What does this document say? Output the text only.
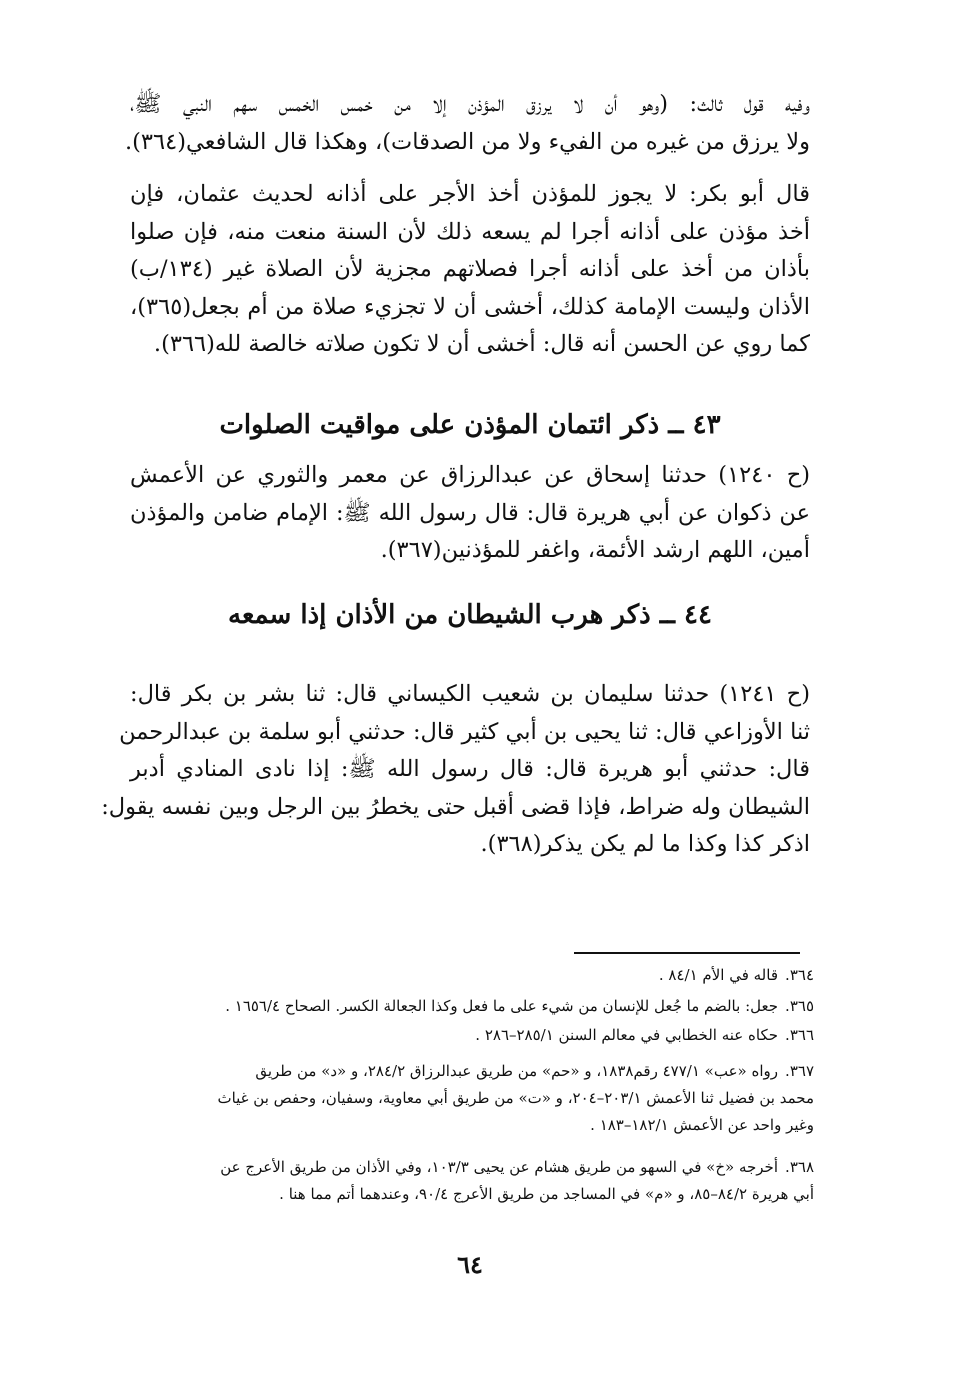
وفيه قول ثالث: (وهو أن لا يرزق المؤذن إلا من خمس الخمس سهم النبي ﷺ،
ولا يرزق من غيره من الفيء ولا من الصدقات)، وهكذا قال الشافعي(٣٦٤).
قال أبو بكر: لا يجوز للمؤذن أخذ الأجر على أذانه لحديث عثمان، فإن
أخذ مؤذن على أذانه أجرا لم يسعه ذلك لأن السنة منعت منه، فإن صلوا
بأذان من أخذ على أذانه أجرا فصلاتهم مجزية لأن الصلاة غير (١٣٤/ب)
الأذان وليست الإمامة كذلك، أخشى أن لا تجزيء صلاة من أم بجعل(٣٦٥)،
كما روي عن الحسن أنه قال: أخشى أن لا تكون صلاته خالصة لله(٣٦٦).
٤٣ ــ ذكر ائتمان المؤذن على مواقيت الصلوات
(ح ١٢٤٠) حدثنا إسحاق عن عبدالرزاق عن معمر والثوري عن الأعمش
عن ذكوان عن أبي هريرة قال: قال رسول الله ﷺ: الإمام ضامن والمؤذن
أمين، اللهم ارشد الأئمة، واغفر للمؤذنين(٣٦٧).
٤٤ ــ ذكر هرب الشيطان من الأذان إذا سمعه
(ح ١٢٤١) حدثنا سليمان بن شعيب الكيساني قال: ثنا بشر بن بكر قال:
ثنا الأوزاعي قال: ثنا يحيى بن أبي كثير قال: حدثني أبو سلمة بن عبدالرحمن
قال: حدثني أبو هريرة قال: قال رسول الله ﷺ: إذا نادى المنادي أدبر
الشيطان وله ضراط، فإذا قضى أقبل حتى يخطرُ بين الرجل وبين نفسه يقول:
اذكر كذا وكذا ما لم يكن يذكر(٣٦٨).
٣٦٤.
قاله في الأم ٨٤/١ .
٣٦٥.
جعل: بالضم ما جُعل للإنسان من شيء على ما فعل وكذا الجعالة الكسر. الصحاح ١٦٥٦/٤ .
٣٦٦.
حكاه عنه الخطابي في معالم السنن ٢٨٥/١–٢٨٦ .
٣٦٧.
رواه «عب» ٤٧٧/١ رقم١٨٣٨، و «حم» من طريق عبدالرزاق ٢٨٤/٢، و «د» من طريق
محمد بن فضيل ثنا الأعمش ٢٠٣/١–٢٠٤، و «ت» من طريق أبي معاوية، وسفيان، وحفص بن غياث
وغير واحد عن الأعمش ١٨٢/١–١٨٣ .
٣٦٨.
أخرجه «خ» في السهو من طريق هشام عن يحيى ١٠٣/٣، وفي الأذان من طريق الأعرج عن
أبي هريرة ٨٤/٢–٨٥، و «م» في المساجد من طريق الأعرج ٩٠/٤، وعندهما أتم مما هنا .
٦٤
